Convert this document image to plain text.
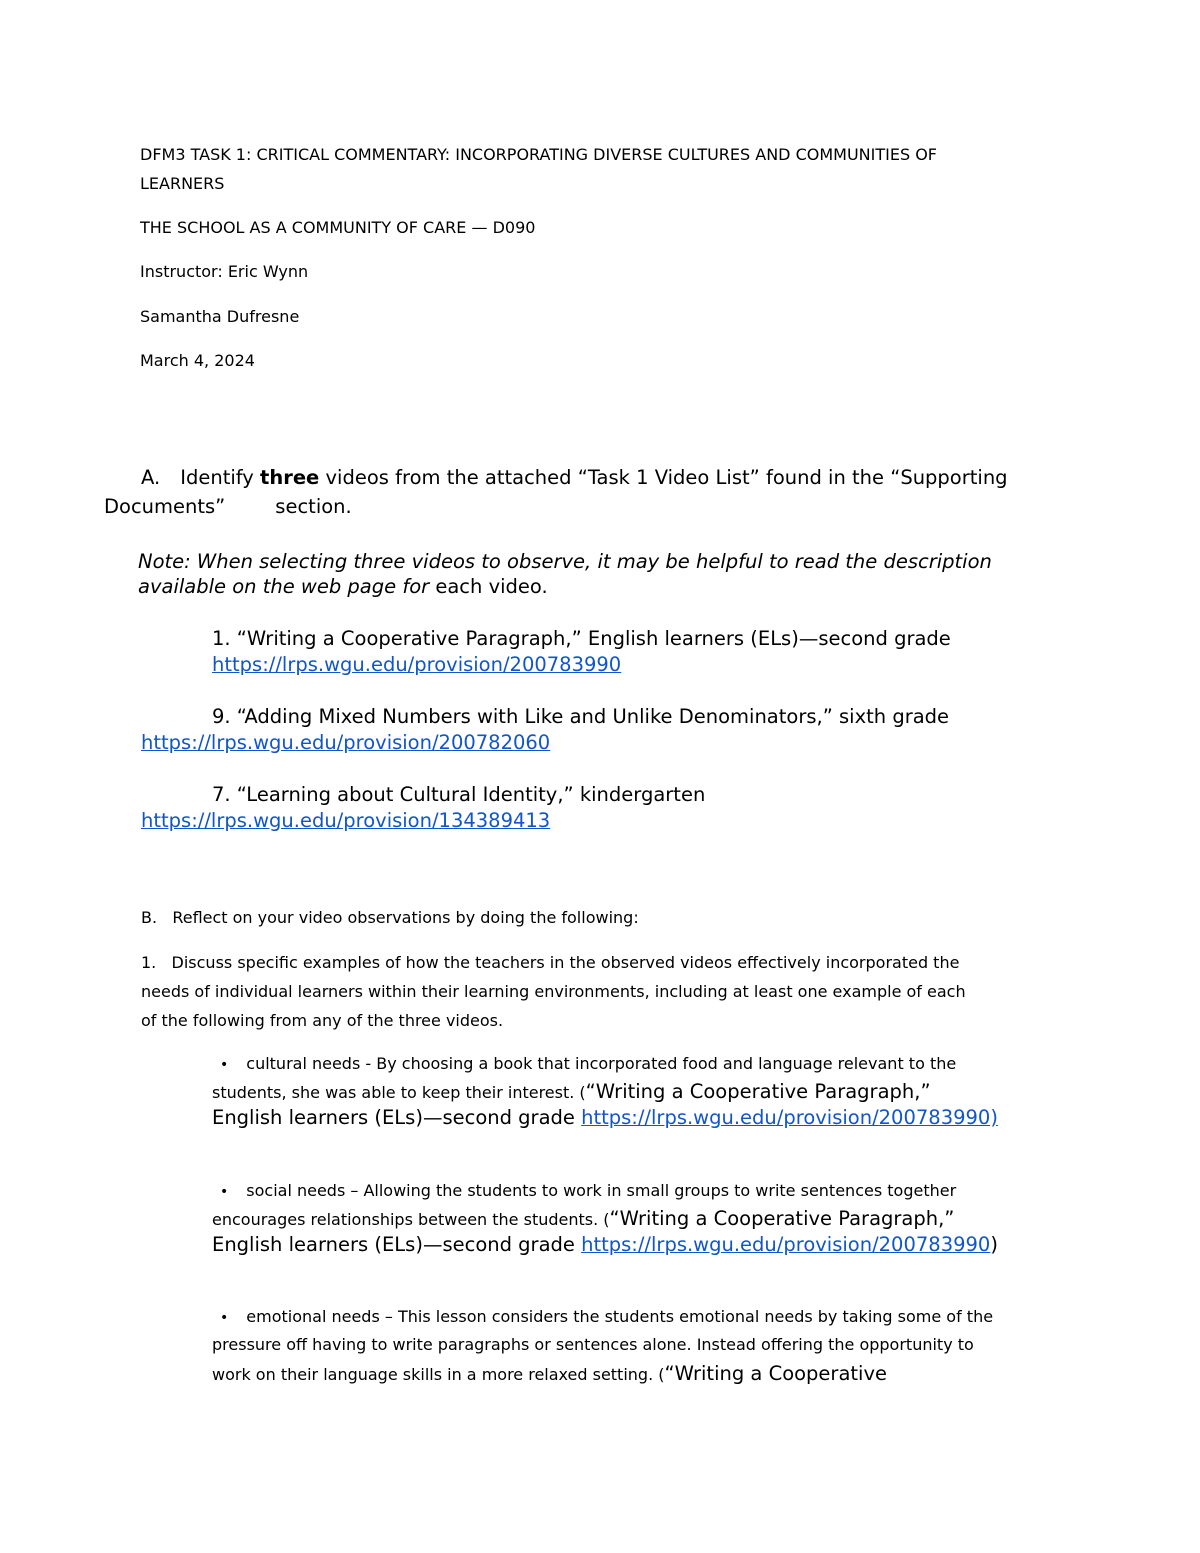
DFM3 TASK 1: CRITICAL COMMENTARY: INCORPORATING DIVERSE CULTURES AND COMMUNITIES OF
LEARNERS
THE SCHOOL AS A COMMUNITY OF CARE — D090
Instructor: Eric Wynn
Samantha Dufresne
March 4, 2024
A. Identify three videos from the attached “Task 1 Video List” found in the “Supporting
Documents”	section.
Note: When selecting three videos to observe, it may be helpful to read the description
available on the web page for each video.
1. “Writing a Cooperative Paragraph,” English learners (ELs)—second grade
https://lrps.wgu.edu/provision/200783990
9. “Adding Mixed Numbers with Like and Unlike Denominators,” sixth grade
https://lrps.wgu.edu/provision/200782060
7. “Learning about Cultural Identity,” kindergarten
https://lrps.wgu.edu/provision/134389413
B.   Reflect on your video observations by doing the following:
1.   Discuss specific examples of how the teachers in the observed videos effectively incorporated the
needs of individual learners within their learning environments, including at least one example of each
of the following from any of the three videos.
• cultural needs - By choosing a book that incorporated food and language relevant to the
students, she was able to keep their interest. (“Writing a Cooperative Paragraph,”
English learners (ELs)—second grade https://lrps.wgu.edu/provision/200783990)
• social needs – Allowing the students to work in small groups to write sentences together
encourages relationships between the students. (“Writing a Cooperative Paragraph,”
English learners (ELs)—second grade https://lrps.wgu.edu/provision/200783990)
• emotional needs – This lesson considers the students emotional needs by taking some of the
pressure off having to write paragraphs or sentences alone. Instead offering the opportunity to
work on their language skills in a more relaxed setting. (“Writing a Cooperative
